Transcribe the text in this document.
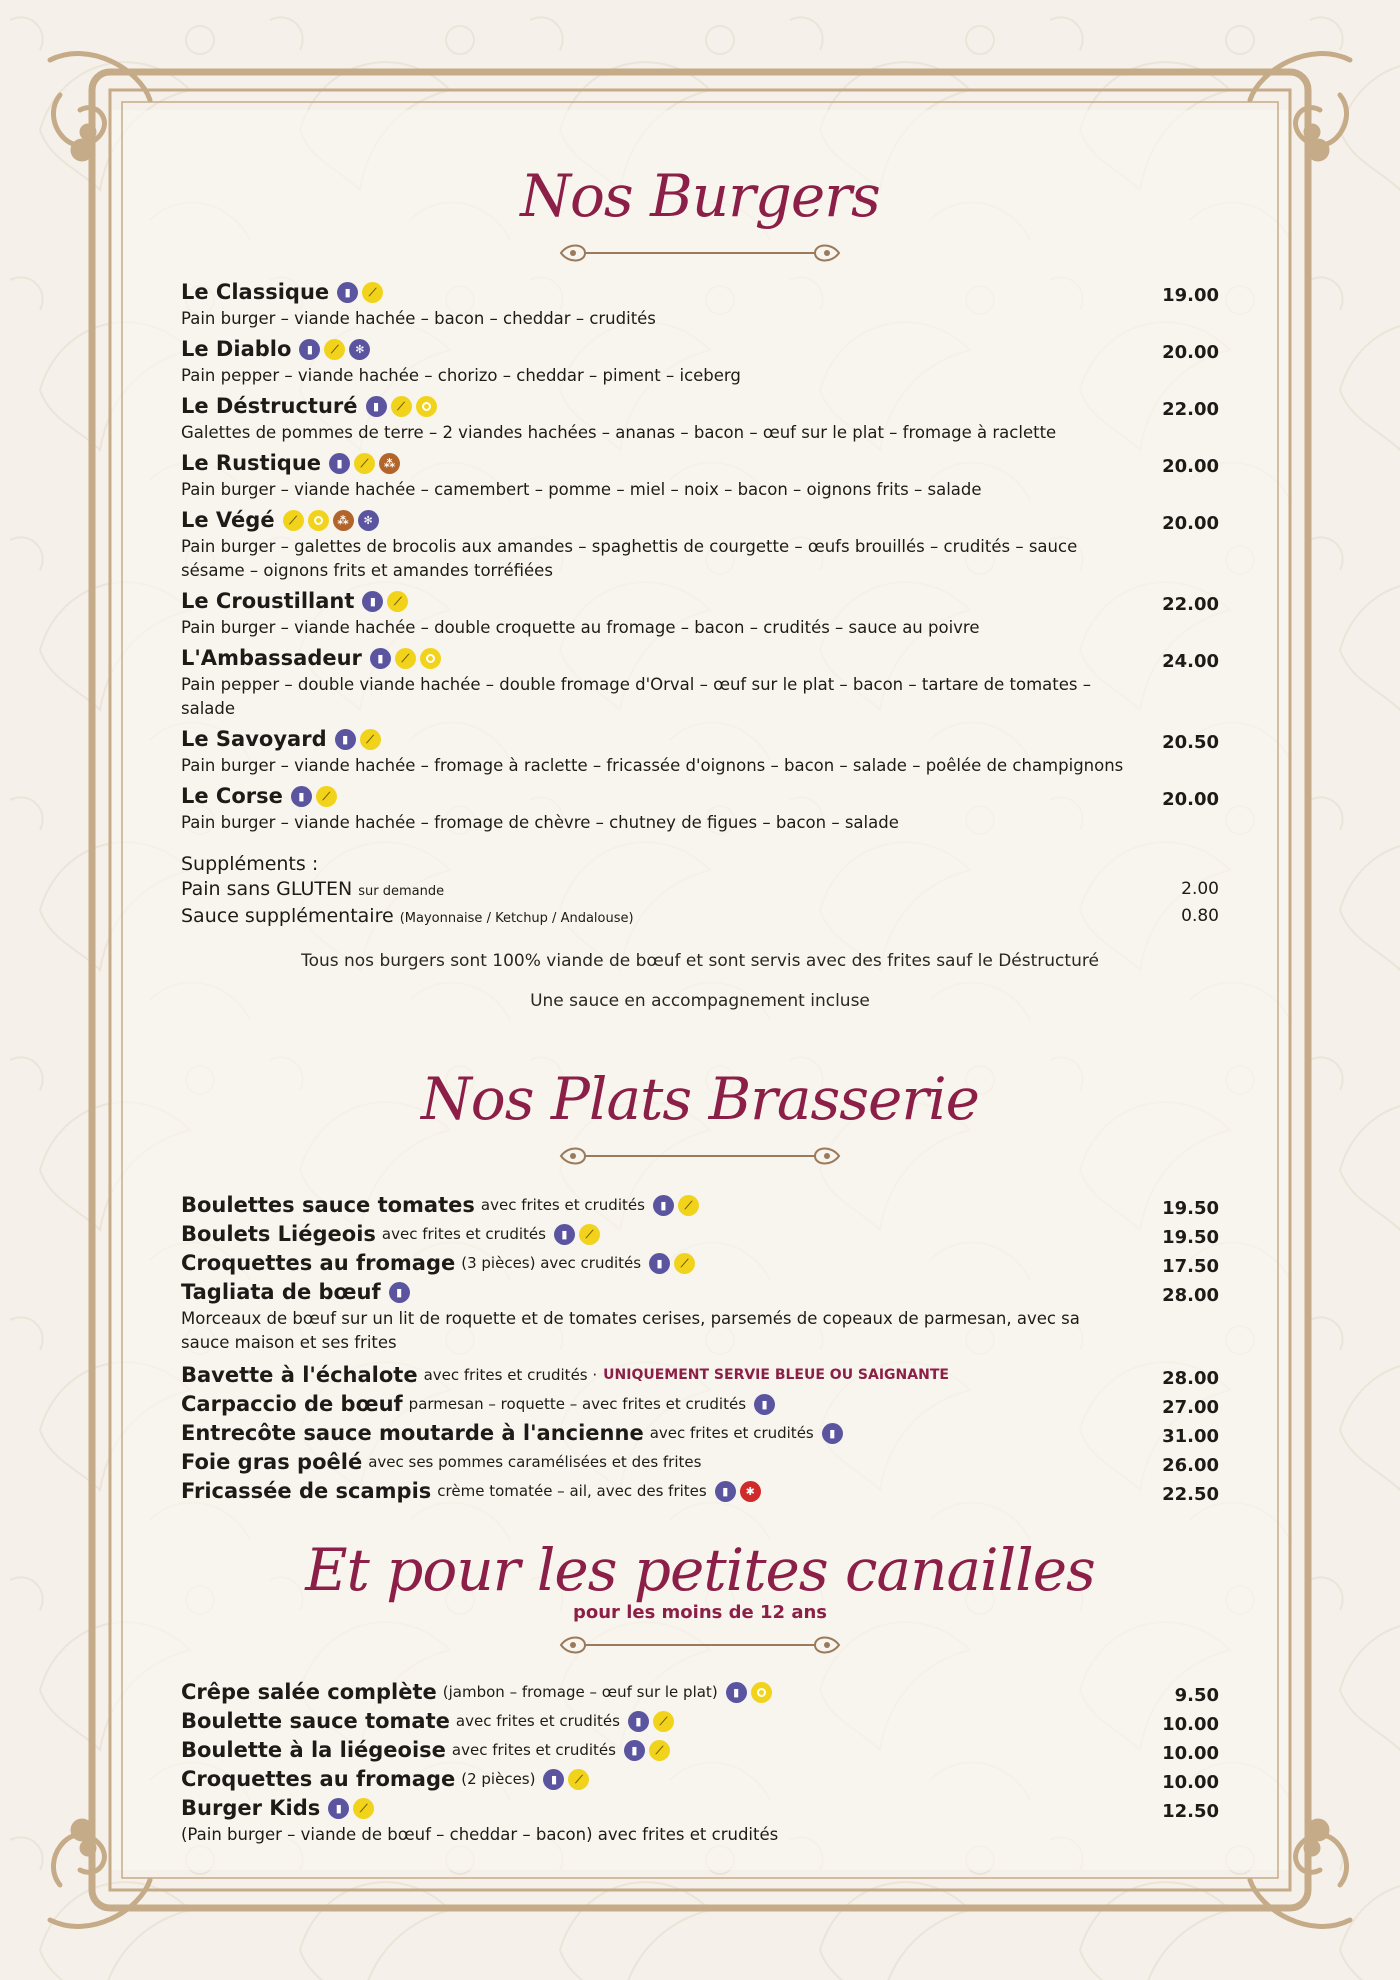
Nos Burgers
Le Classique	▮	⟋	19.00
Pain burger – viande hachée – bacon – cheddar – crudités
Le Diablo	▮	⟋	✻	20.00
Pain pepper – viande hachée – chorizo – cheddar – piment – iceberg
Le Déstructuré	▮	⟋	22.00
Galettes de pommes de terre – 2 viandes hachées – ananas – bacon – œuf sur le plat – fromage à raclette
Le Rustique	▮	⟋	⁂	20.00
Pain burger – viande hachée – camembert – pomme – miel – noix – bacon – oignons frits – salade
Le Végé	⟋	⁂	✻	20.00
Pain burger – galettes de brocolis aux amandes – spaghettis de courgette – œufs brouillés – crudités – sauce sésame – oignons frits et amandes torréfiées
Le Croustillant	▮	⟋	22.00
Pain burger – viande hachée – double croquette au fromage – bacon – crudités – sauce au poivre
L'Ambassadeur	▮	⟋	24.00
Pain pepper – double viande hachée – double fromage d'Orval – œuf sur le plat – bacon – tartare de tomates – salade
Le Savoyard	▮	⟋	20.50
Pain burger – viande hachée – fromage à raclette – fricassée d'oignons – bacon – salade – poêlée de champignons
Le Corse	▮	⟋	20.00
Pain burger – viande hachée – fromage de chèvre – chutney de figues – bacon – salade
Suppléments :
Pain sans GLUTEN sur demande	2.00
Sauce supplémentaire (Mayonnaise / Ketchup / Andalouse)	0.80
Tous nos burgers sont 100% viande de bœuf et sont servis avec des frites sauf le Déstructuré
Une sauce en accompagnement incluse
Nos Plats Brasserie
Boulettes sauce tomates avec frites et crudités	▮	⟋	19.50
Boulets Liégeois avec frites et crudités	▮	⟋	19.50
Croquettes au fromage (3 pièces) avec crudités	▮	⟋	17.50
Tagliata de bœuf	▮	28.00
Morceaux de bœuf sur un lit de roquette et de tomates cerises, parsemés de copeaux de parmesan, avec sa sauce maison et ses frites
Bavette à l'échalote avec frites et crudités · UNIQUEMENT SERVIE BLEUE OU SAIGNANTE	28.00
Carpaccio de bœuf parmesan – roquette – avec frites et crudités	▮	27.00
Entrecôte sauce moutarde à l'ancienne avec frites et crudités	▮	31.00
Foie gras poêlé avec ses pommes caramélisées et des frites	26.00
Fricassée de scampis crème tomatée – ail, avec des frites	▮	✱	22.50
Et pour les petites canailles
pour les moins de 12 ans
Crêpe salée complète (jambon – fromage – œuf sur le plat)	▮	9.50
Boulette sauce tomate avec frites et crudités	▮	⟋	10.00
Boulette à la liégeoise avec frites et crudités	▮	⟋	10.00
Croquettes au fromage (2 pièces)	▮	⟋	10.00
Burger Kids	▮	⟋	12.50
(Pain burger – viande de bœuf – cheddar – bacon) avec frites et crudités
